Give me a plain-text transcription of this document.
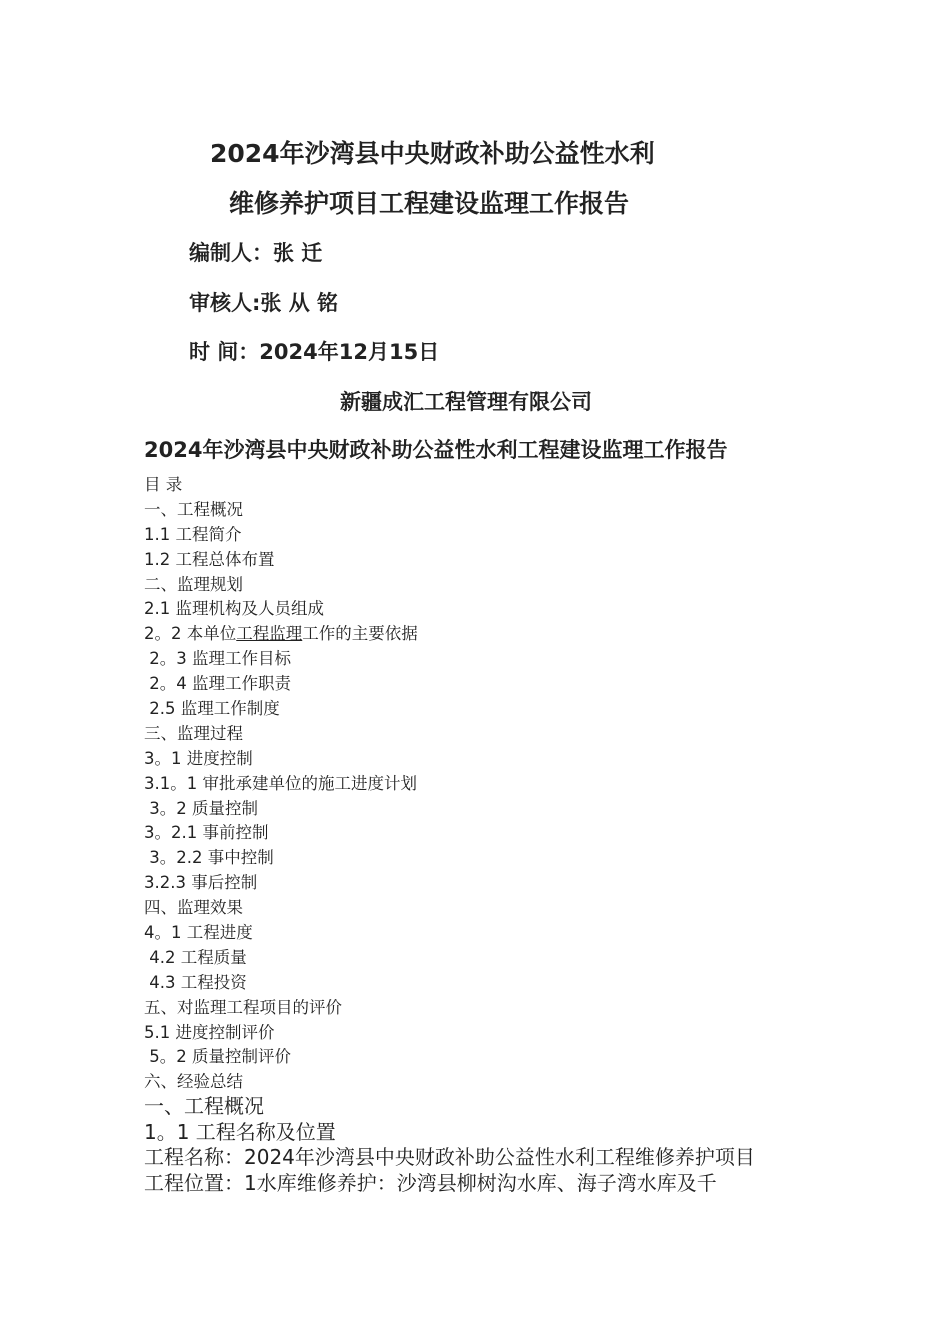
2024年沙湾县中央财政补助公益性水利
维修养护项目工程建设监理工作报告
编制人：张 迁
审核人:张 从 铭
时 间：2024年12月15日
新疆成汇工程管理有限公司
2024年沙湾县中央财政补助公益性水利工程建设监理工作报告
目 录
一、工程概况
1.1 工程简介
1.2 工程总体布置
二、监理规划
2.1 监理机构及人员组成
2。2 本单位工程监理工作的主要依据
2。3 监理工作目标
2。4 监理工作职责
2.5 监理工作制度
三、监理过程
3。1 进度控制
3.1。1 审批承建单位的施工进度计划
3。2 质量控制
3。2.1 事前控制
3。2.2 事中控制
3.2.3 事后控制
四、监理效果
4。1 工程进度
4.2 工程质量
4.3 工程投资
五、对监理工程项目的评价
5.1 进度控制评价
5。2 质量控制评价
六、经验总结

一、工程概况

1。1 工程名称及位置

工程名称：2024年沙湾县中央财政补助公益性水利工程维修养护项目

工程位置：1水库维修养护：沙湾县柳树沟水库、海子湾水库及千
